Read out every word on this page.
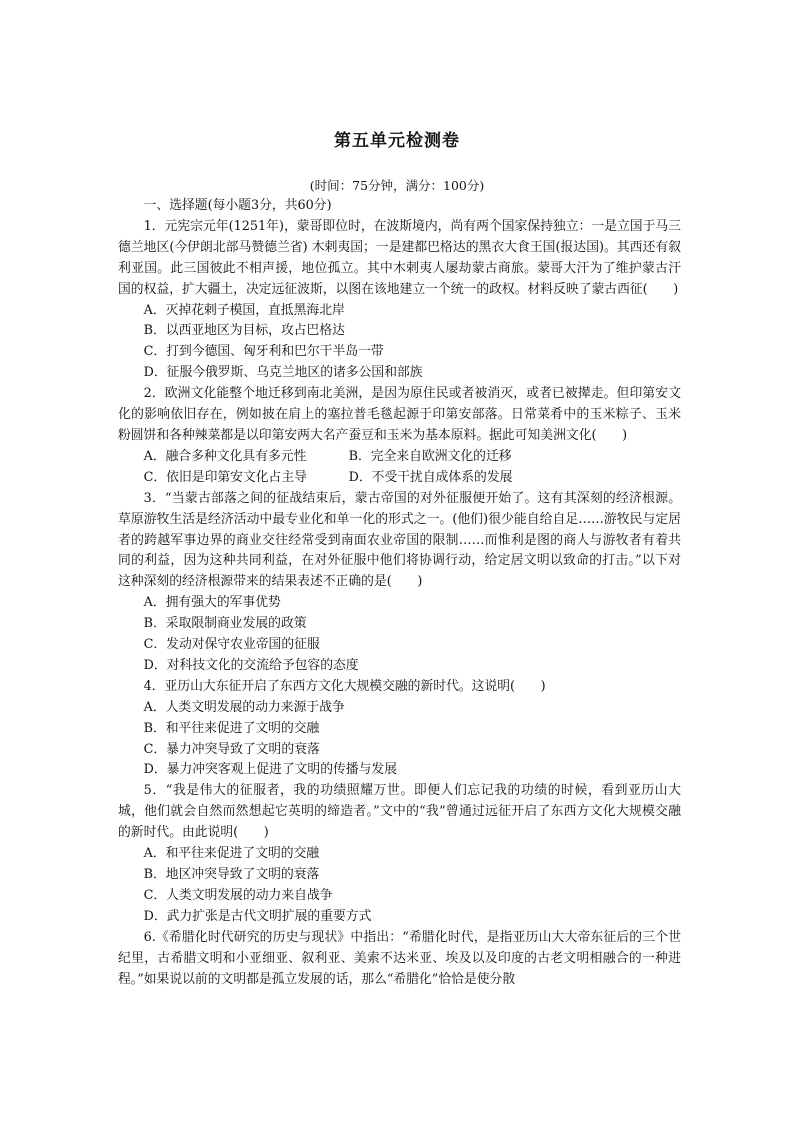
第五单元检测卷
(时间：75分钟，满分：100分)

一、选择题(每小题3分，共60分)

1．元宪宗元年(1251年)，蒙哥即位时，在波斯境内，尚有两个国家保持独立：一是立国于马三德兰地区(今伊朗北部马赞德兰省) 木剌夷国；一是建都巴格达的黑衣大食王国(报达国)。其西还有叙利亚国。此三国彼此不相声援，地位孤立。其中木剌夷人屡劫蒙古商旅。蒙哥大汗为了维护蒙古汗国的权益，扩大疆土，决定远征波斯，以图在该地建立一个统一的政权。材料反映了蒙古西征(　　)

A．灭掉花剌子模国，直抵黑海北岸

B．以西亚地区为目标，攻占巴格达

C．打到今德国、匈牙利和巴尔干半岛一带

D．征服今俄罗斯、乌克兰地区的诸多公国和部族

2．欧洲文化能整个地迁移到南北美洲，是因为原住民或者被消灭，或者已被撵走。但印第安文化的影响依旧存在，例如披在肩上的塞拉普毛毯起源于印第安部落。日常菜肴中的玉米粽子、玉米粉圆饼和各种辣菜都是以印第安两大名产蚕豆和玉米为基本原料。据此可知美洲文化(　　)

A．融合多种文化具有多元性	B．完全来自欧洲文化的迁移
C．依旧是印第安文化占主导	D．不受干扰自成体系的发展

3．“当蒙古部落之间的征战结束后，蒙古帝国的对外征服便开始了。这有其深刻的经济根源。草原游牧生活是经济活动中最专业化和单一化的形式之一。(他们)很少能自给自足……游牧民与定居者的跨越军事边界的商业交往经常受到南面农业帝国的限制……而惟利是图的商人与游牧者有着共同的利益，因为这种共同利益，在对外征服中他们将协调行动，给定居文明以致命的打击。”以下对这种深刻的经济根源带来的结果表述不正确的是(　　)

A．拥有强大的军事优势

B．采取限制商业发展的政策

C．发动对保守农业帝国的征服

D．对科技文化的交流给予包容的态度

4．亚历山大东征开启了东西方文化大规模交融的新时代。这说明(　　)

A．人类文明发展的动力来源于战争

B．和平往来促进了文明的交融

C．暴力冲突导致了文明的衰落

D．暴力冲突客观上促进了文明的传播与发展

5．“我是伟大的征服者，我的功绩照耀万世。即便人们忘记我的功绩的时候，看到亚历山大城，他们就会自然而然想起它英明的缔造者。”文中的“我”曾通过远征开启了东西方文化大规模交融的新时代。由此说明(　　)

A．和平往来促进了文明的交融

B．地区冲突导致了文明的衰落

C．人类文明发展的动力来自战争

D．武力扩张是古代文明扩展的重要方式

6.《希腊化时代研究的历史与现状》中指出：“希腊化时代，是指亚历山大大帝东征后的三个世纪里，古希腊文明和小亚细亚、叙利亚、美索不达米亚、埃及以及印度的古老文明相融合的一种进程。”如果说以前的文明都是孤立发展的话，那么“希腊化”恰恰是使分散
